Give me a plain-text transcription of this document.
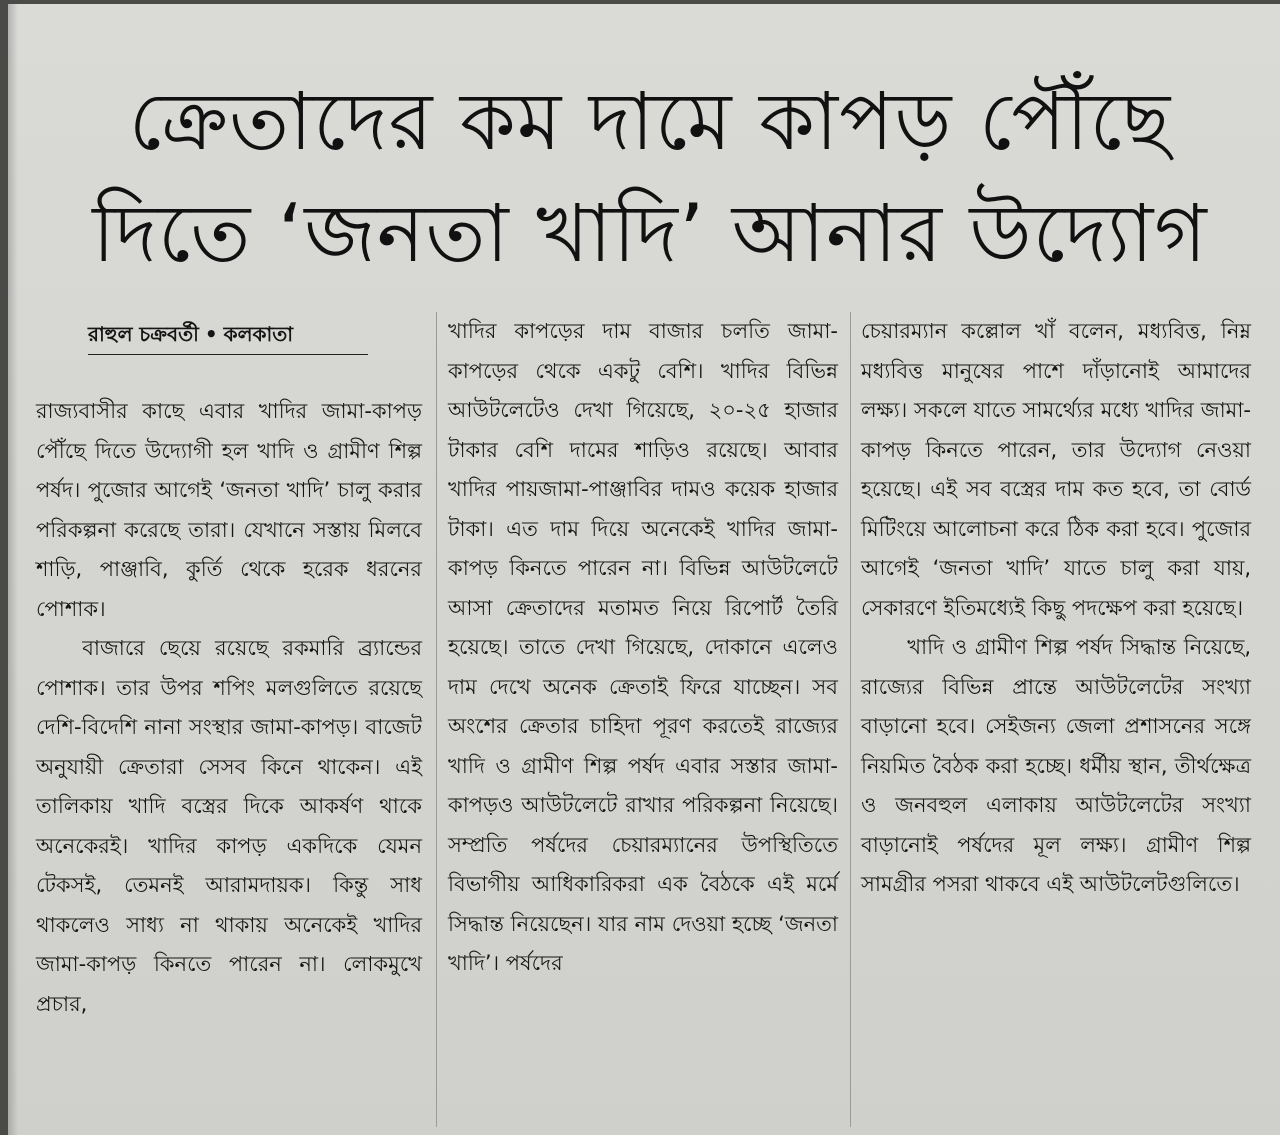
ক্রেতাদের কম দামে কাপড় পৌঁছে
দিতে ‘জনতা খাদি’ আনার উদ্যোগ
রাহুল চক্রবর্তী • কলকাতা

রাজ্যবাসীর কাছে এবার খাদির জামা-কাপড় পৌঁছে দিতে উদ্যোগী হল খাদি ও গ্রামীণ শিল্প পর্ষদ। পুজোর আগেই ‘জনতা খাদি’ চালু করার পরিকল্পনা করেছে তারা। যেখানে সস্তায় মিলবে শাড়ি, পাঞ্জাবি, কুর্তি থেকে হরেক ধরনের পোশাক।

বাজারে ছেয়ে রয়েছে রকমারি ব্র্যান্ডের পোশাক। তার উপর শপিং মলগুলিতে রয়েছে দেশি-বিদেশি নানা সংস্থার জামা-কাপড়। বাজেট অনুযায়ী ক্রেতারা সেসব কিনে থাকেন। এই তালিকায় খাদি বস্ত্রের দিকে আকর্ষণ থাকে অনেকেরই। খাদির কাপড় একদিকে যেমন টেকসই, তেমনই আরামদায়ক। কিন্তু সাধ থাকলেও সাধ্য না থাকায় অনেকেই খাদির জামা-কাপড় কিনতে পারেন না। লোকমুখে প্রচার,

খাদির কাপড়ের দাম বাজার চলতি জামা-কাপড়ের থেকে একটু বেশি। খাদির বিভিন্ন আউটলেটেও দেখা গিয়েছে, ২০-২৫ হাজার টাকার বেশি দামের শাড়িও রয়েছে। আবার খাদির পায়জামা-পাঞ্জাবির দামও কয়েক হাজার টাকা। এত দাম দিয়ে অনেকেই খাদির জামা-কাপড় কিনতে পারেন না। বিভিন্ন আউটলেটে আসা ক্রেতাদের মতামত নিয়ে রিপোর্ট তৈরি হয়েছে। তাতে দেখা গিয়েছে, দোকানে এলেও দাম দেখে অনেক ক্রেতাই ফিরে যাচ্ছেন। সব অংশের ক্রেতার চাহিদা পূরণ করতেই রাজ্যের খাদি ও গ্রামীণ শিল্প পর্ষদ এবার সস্তার জামা-কাপড়ও আউটলেটে রাখার পরিকল্পনা নিয়েছে। সম্প্রতি পর্ষদের চেয়ারম্যানের উপস্থিতিতে বিভাগীয় আধিকারিকরা এক বৈঠকে এই মর্মে সিদ্ধান্ত নিয়েছেন। যার নাম দেওয়া হচ্ছে ‘জনতা খাদি’। পর্ষদের

চেয়ারম্যান কল্লোল খাঁ বলেন, মধ্যবিত্ত, নিম্ন মধ্যবিত্ত মানুষের পাশে দাঁড়ানোই আমাদের লক্ষ্য। সকলে যাতে সামর্থ্যের মধ্যে খাদির জামা-কাপড় কিনতে পারেন, তার উদ্যোগ নেওয়া হয়েছে। এই সব বস্ত্রের দাম কত হবে, তা বোর্ড মিটিংয়ে আলোচনা করে ঠিক করা হবে। পুজোর আগেই ‘জনতা খাদি’ যাতে চালু করা যায়, সেকারণে ইতিমধ্যেই কিছু পদক্ষেপ করা হয়েছে।

খাদি ও গ্রামীণ শিল্প পর্ষদ সিদ্ধান্ত নিয়েছে, রাজ্যের বিভিন্ন প্রান্তে আউটলেটের সংখ্যা বাড়ানো হবে। সেইজন্য জেলা প্রশাসনের সঙ্গে নিয়মিত বৈঠক করা হচ্ছে। ধর্মীয় স্থান, তীর্থক্ষেত্র ও জনবহুল এলাকায় আউটলেটের সংখ্যা বাড়ানোই পর্ষদের মূল লক্ষ্য। গ্রামীণ শিল্প সামগ্রীর পসরা থাকবে এই আউটলেটগুলিতে।
